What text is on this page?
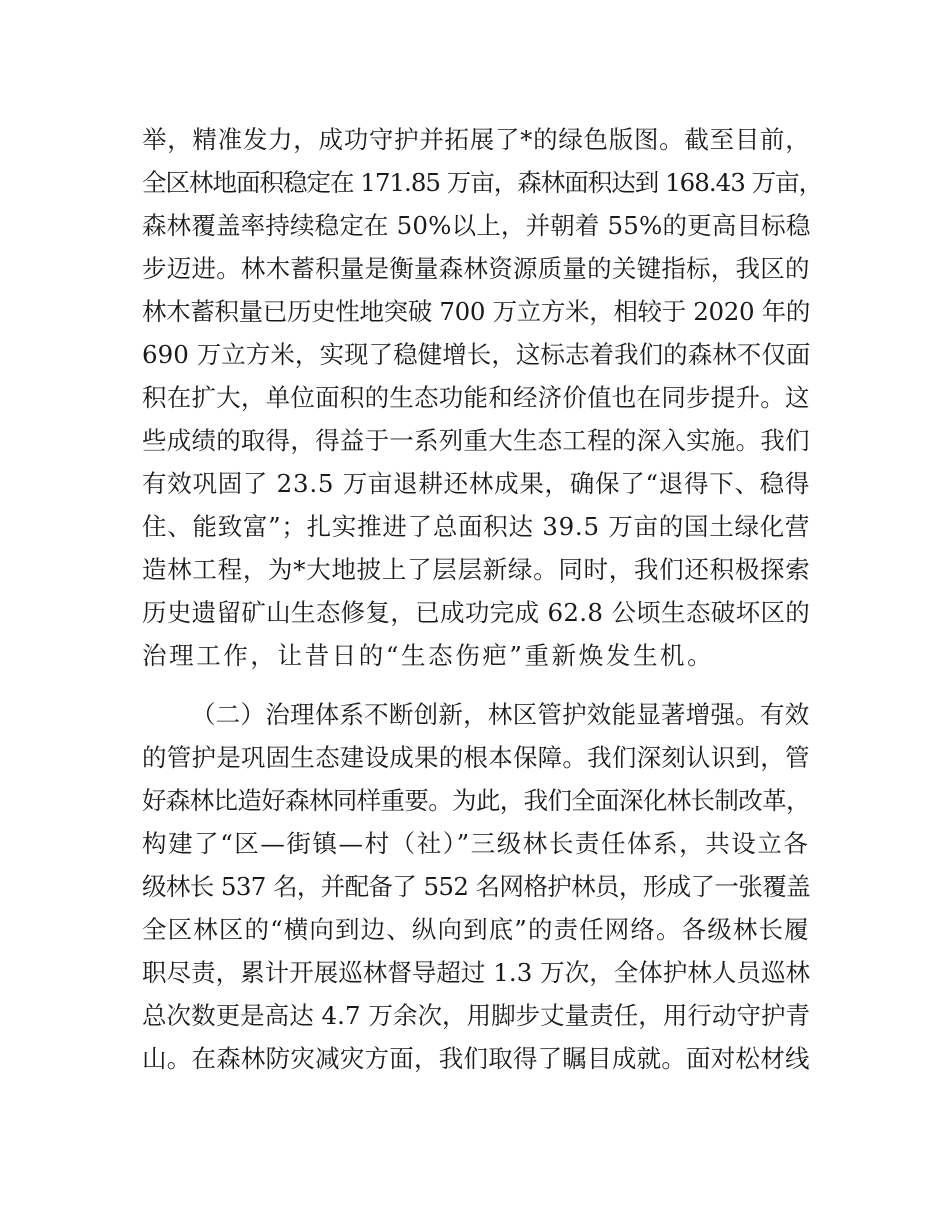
举，精准发力，成功守护并拓展了*的绿色版图。截至目前，
全区林地面积稳定在 171.85 万亩，森林面积达到 168.43 万亩，
森林覆盖率持续稳定在 50%以上，并朝着 55%的更高目标稳
步迈进。林木蓄积量是衡量森林资源质量的关键指标，我区的
林木蓄积量已历史性地突破 700 万立方米，相较于 2020 年的
690 万立方米，实现了稳健增长，这标志着我们的森林不仅面
积在扩大，单位面积的生态功能和经济价值也在同步提升。这
些成绩的取得，得益于一系列重大生态工程的深入实施。我们
有效巩固了 23.5 万亩退耕还林成果，确保了“退得下、稳得
住、能致富”；扎实推进了总面积达 39.5 万亩的国土绿化营
造林工程，为*大地披上了层层新绿。同时，我们还积极探索
历史遗留矿山生态修复，已成功完成 62.8 公顷生态破坏区的
治理工作，让昔日的“生态伤疤”重新焕发生机。
（二）治理体系不断创新，林区管护效能显著增强。有效
的管护是巩固生态建设成果的根本保障。我们深刻认识到，管
好森林比造好森林同样重要。为此，我们全面深化林长制改革，
构建了“区—街镇—村（社）”三级林长责任体系，共设立各
级林长 537 名，并配备了 552 名网格护林员，形成了一张覆盖
全区林区的“横向到边、纵向到底”的责任网络。各级林长履
职尽责，累计开展巡林督导超过 1.3 万次，全体护林人员巡林
总次数更是高达 4.7 万余次，用脚步丈量责任，用行动守护青
山。在森林防灾减灾方面，我们取得了瞩目成就。面对松材线
